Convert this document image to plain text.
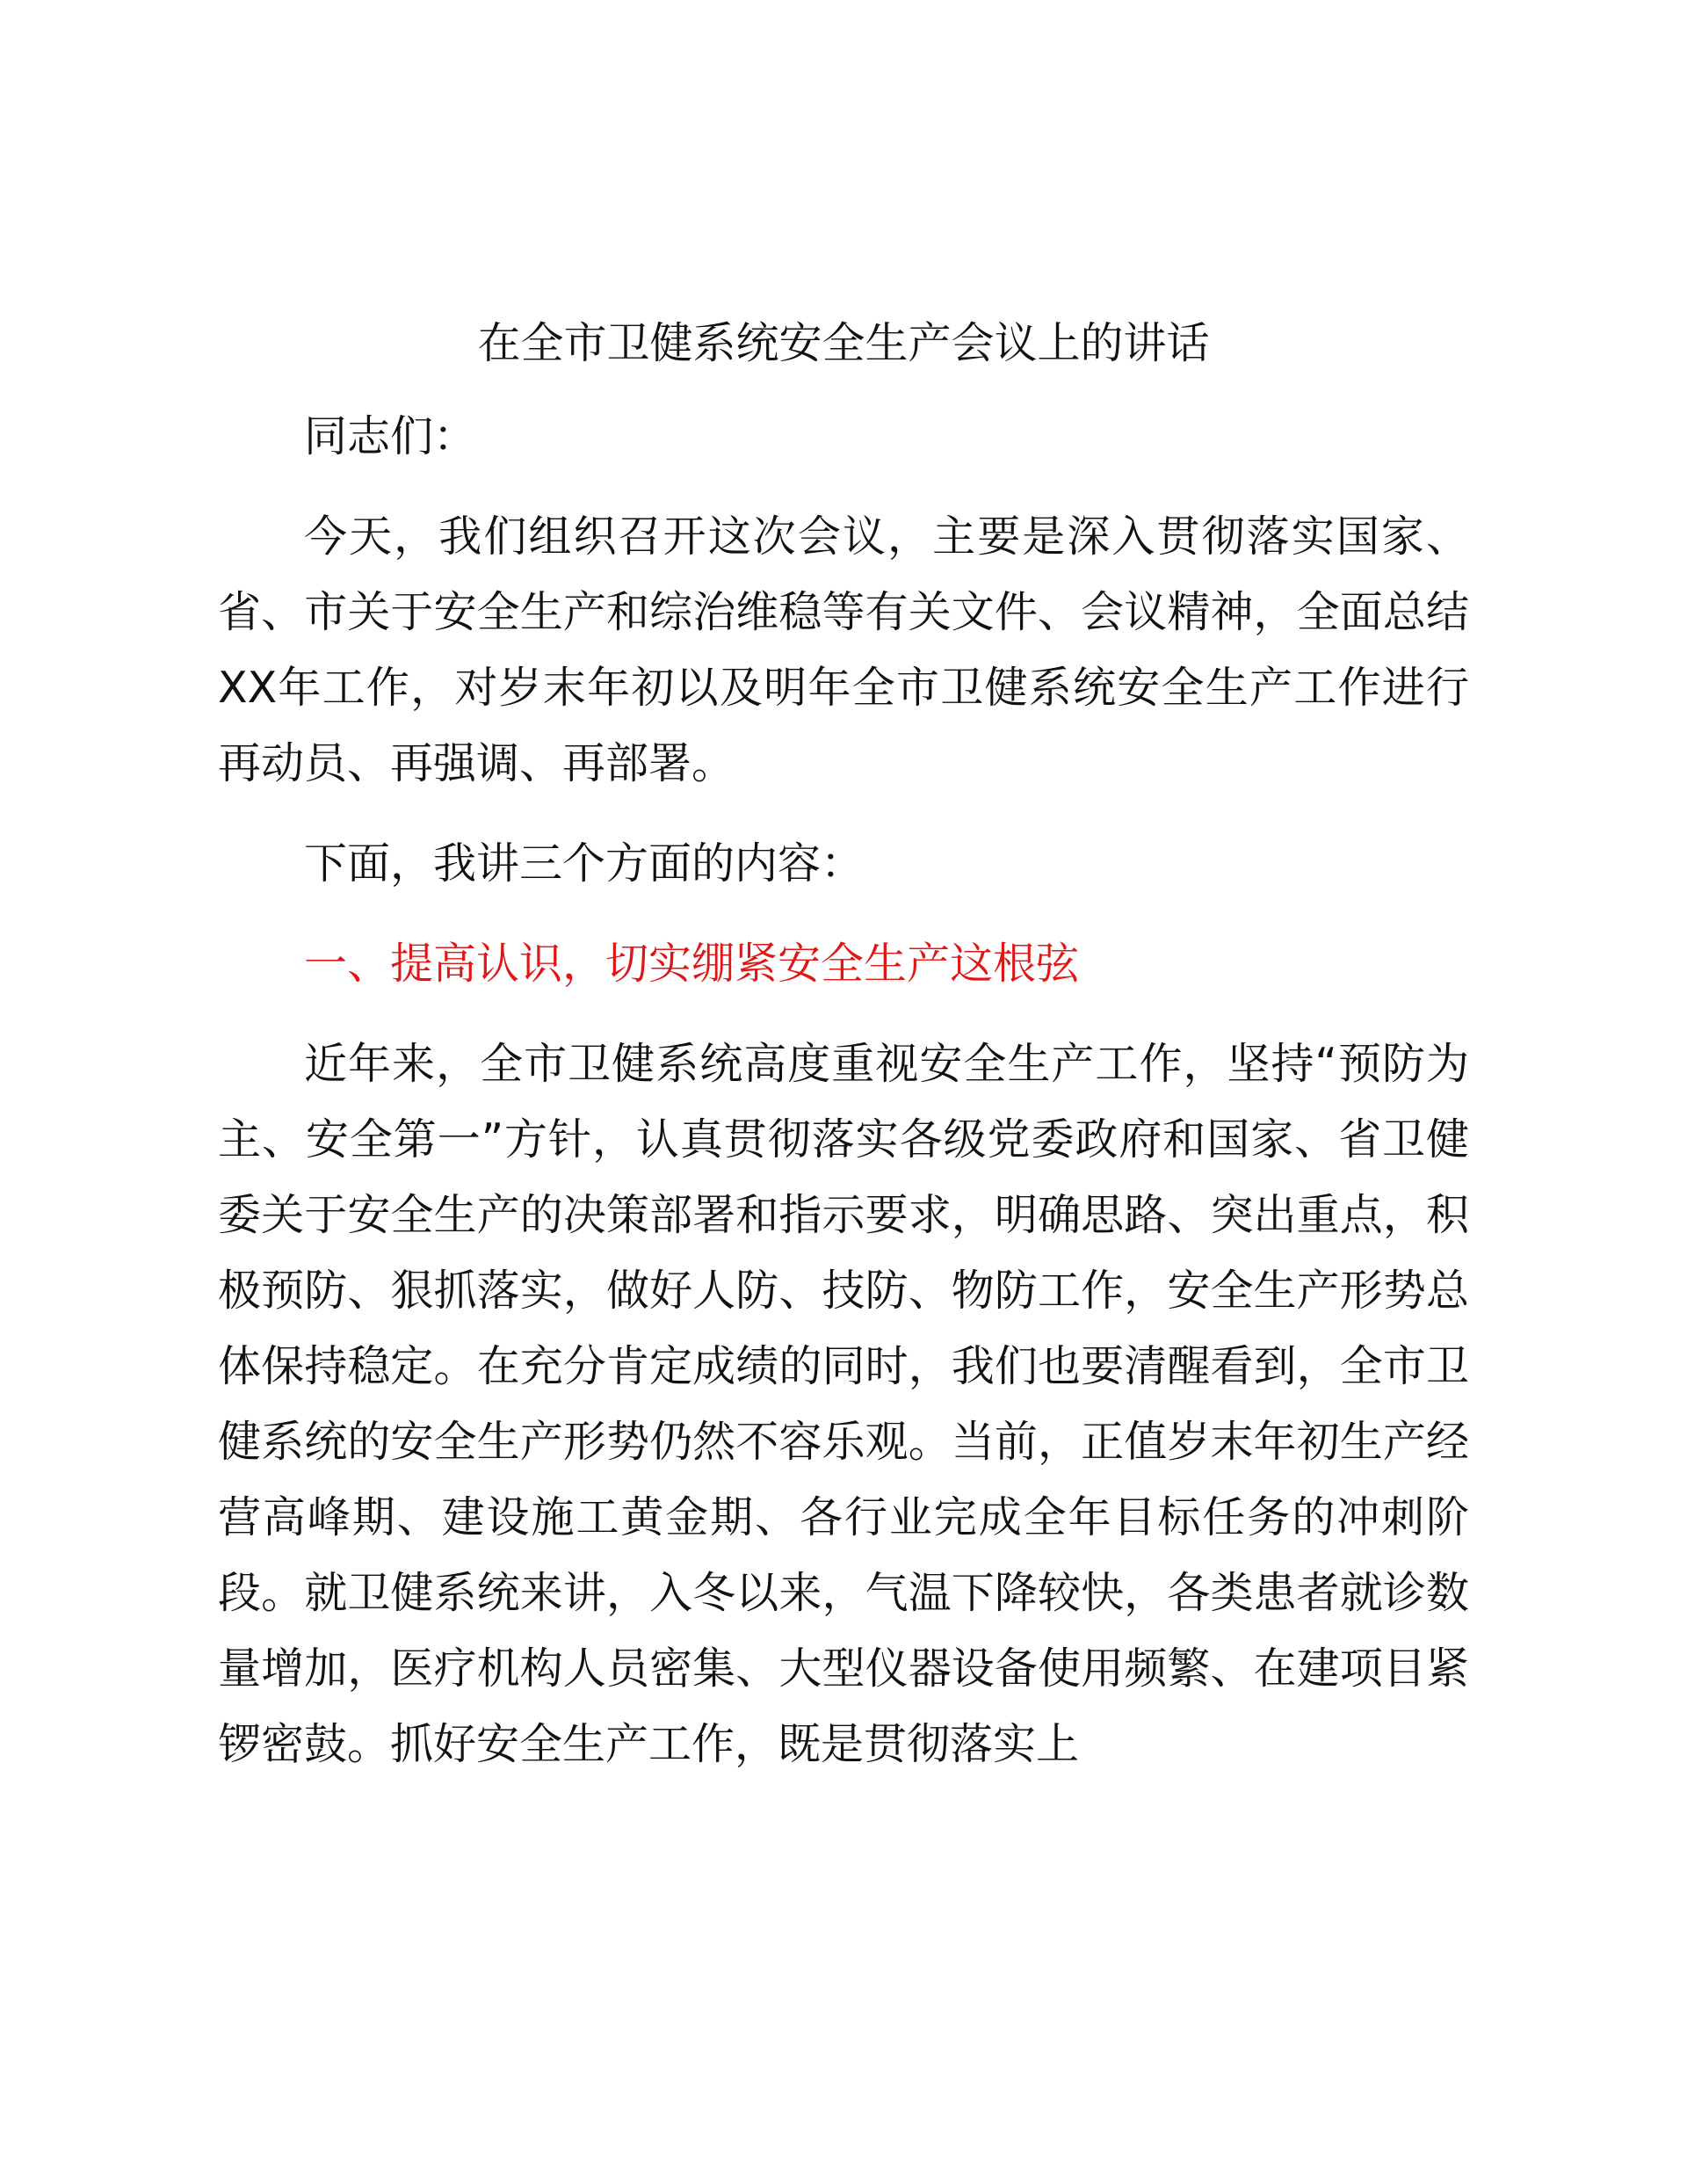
在全市卫健系统安全生产会议上的讲话
同志们：
今天，我们组织召开这次会议，主要是深入贯彻落实国家、省、市关于安全生产和综治维稳等有关文件、会议精神，全面总结XX年工作，对岁末年初以及明年全市卫健系统安全生产工作进行再动员、再强调、再部署。
下面，我讲三个方面的内容：
一、提高认识，切实绷紧安全生产这根弦
近年来，全市卫健系统高度重视安全生产工作，坚持“预防为主、安全第一”方针，认真贯彻落实各级党委政府和国家、省卫健委关于安全生产的决策部署和指示要求，明确思路、突出重点，积极预防、狠抓落实，做好人防、技防、物防工作，安全生产形势总体保持稳定。在充分肯定成绩的同时，我们也要清醒看到，全市卫健系统的安全生产形势仍然不容乐观。当前，正值岁末年初生产经营高峰期、建设施工黄金期、各行业完成全年目标任务的冲刺阶段。就卫健系统来讲，入冬以来，气温下降较快，各类患者就诊数量增加，医疗机构人员密集、大型仪器设备使用频繁、在建项目紧锣密鼓。抓好安全生产工作，既是贯彻落实上
